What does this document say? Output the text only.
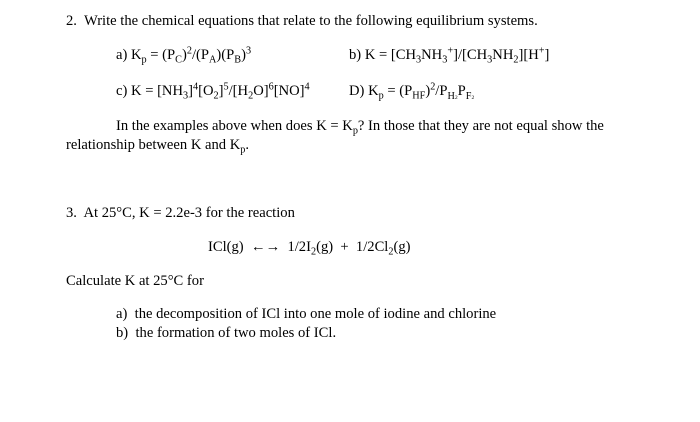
2. Write the chemical equations that relate to the following equilibrium systems.
a) $K_p = (P_C)^2/(P_A)(P_B)^3$	b) $K = [CH_3NH_3^+]/[CH_3NH_2][H^+]$
c) $K = [NH_3]^4[O_2]^5/[H_2O]^6[NO]^4$	D) $K_p = (P_{HF})^2/P_{H2}P_{F2}$
In the examples above when does $K = K_p$? In those that they are not equal show the
relationship between K and $K_p$.
3. At 25°C, K = 2.2e-3 for the reaction
ICl(g) ←→ $1/2I_2(g) + 1/2Cl_2(g)$
Calculate K at 25°C for
a) the decomposition of ICl into one mole of iodine and chlorine
b) the formation of two moles of ICl.
